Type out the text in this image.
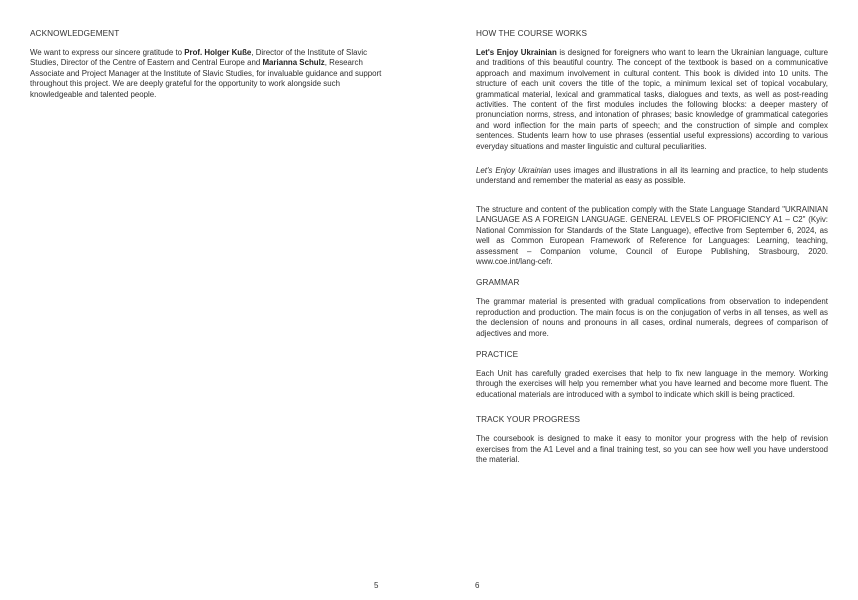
ACKNOWLEDGEMENT

We want to express our sincere gratitude to Prof. Holger Kuße, Director of the Institute of Slavic Studies, Director of the Centre of Eastern and Central Europe and Marianna Schulz, Research Associate and Project Manager at the Institute of Slavic Studies, for invaluable guidance and support throughout this project. We are deeply grateful for the opportunity to work alongside such knowledgeable and talented people.

5
HOW THE COURSE WORKS

Let's Enjoy Ukrainian is designed for foreigners who want to learn the Ukrainian language, culture and traditions of this beautiful country. The concept of the textbook is based on a communicative approach and maximum involvement in cultural content. This book is divided into 10 units. The structure of each unit covers the title of the topic, a minimum lexical set of topical vocabulary, grammatical material, lexical and grammatical tasks, dialogues and texts, as well as post-reading activities. The content of the first modules includes the following blocks: a deeper mastery of pronunciation norms, stress, and intonation of phrases; basic knowledge of grammatical categories and word inflection for the main parts of speech; and the construction of simple and complex sentences. Students learn how to use phrases (essential useful expressions) according to various everyday situations and master linguistic and cultural peculiarities.

Let's Enjoy Ukrainian uses images and illustrations in all its learning and practice, to help students understand and remember the material as easy as possible.

The structure and content of the publication comply with the State Language Standard "UKRAINIAN LANGUAGE AS A FOREIGN LANGUAGE. GENERAL LEVELS OF PROFICIENCY A1 – C2" (Kyiv: National Commission for Standards of the State Language), effective from September 6, 2024, as well as Common European Framework of Reference for Languages: Learning, teaching, assessment – Companion volume, Council of Europe Publishing, Strasbourg, 2020. www.coe.int/lang-cefr.

GRAMMAR

The grammar material is presented with gradual complications from observation to independent reproduction and production. The main focus is on the conjugation of verbs in all tenses, as well as the declension of nouns and pronouns in all cases, ordinal numerals, degrees of comparison of adjectives and more.

PRACTICE

Each Unit has carefully graded exercises that help to fix new language in the memory. Working through the exercises will help you remember what you have learned and become more fluent. The educational materials are introduced with a symbol to indicate which skill is being practiced.

TRACK YOUR PROGRESS

The coursebook is designed to make it easy to monitor your progress with the help of revision exercises from the A1 Level and a final training test, so you can see how well you have understood the material.

6
